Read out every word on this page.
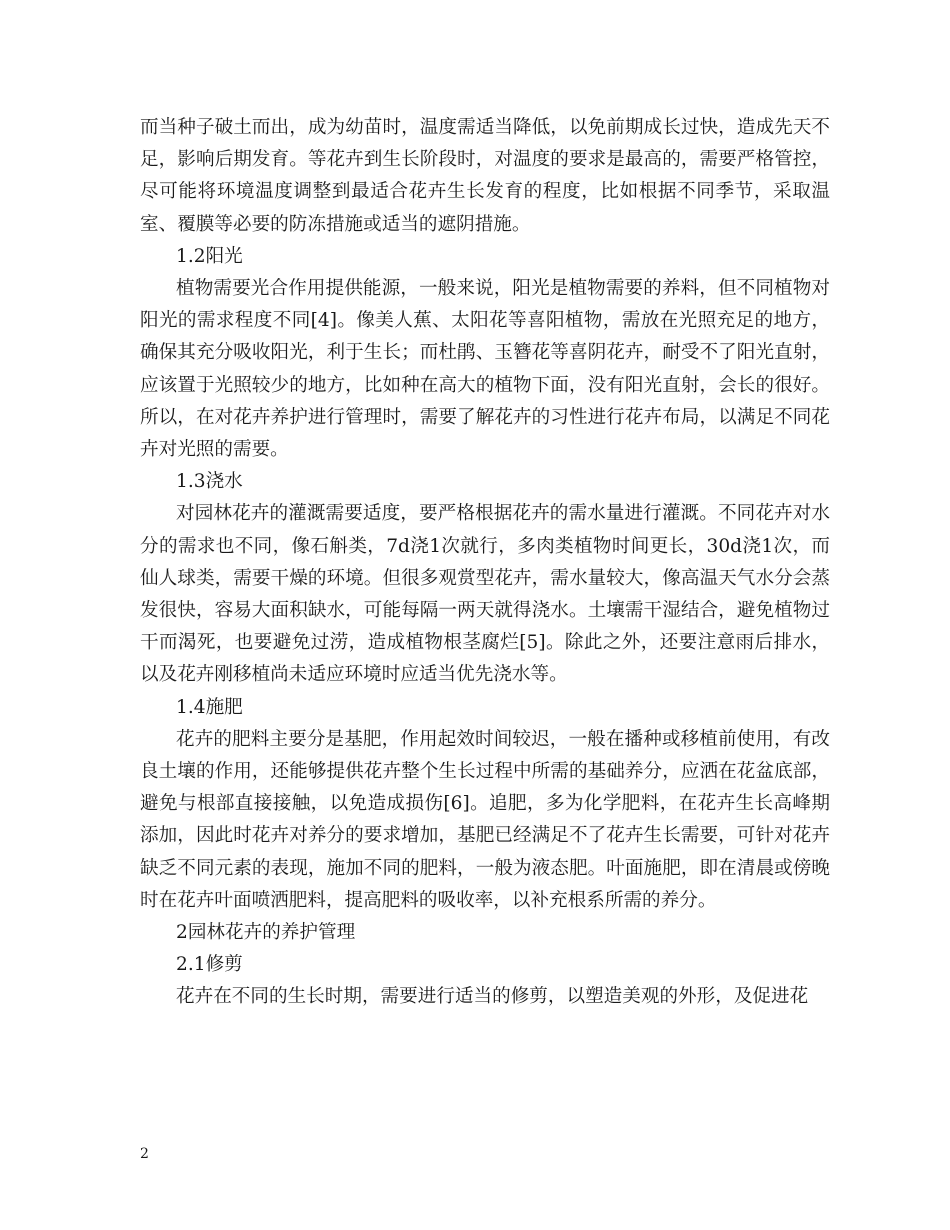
而当种子破土而出，成为幼苗时，温度需适当降低，以免前期成长过快，造成先天不足，影响后期发育。等花卉到生长阶段时，对温度的要求是最高的，需要严格管控，尽可能将环境温度调整到最适合花卉生长发育的程度，比如根据不同季节，采取温室、覆膜等必要的防冻措施或适当的遮阴措施。

1.2阳光

植物需要光合作用提供能源，一般来说，阳光是植物需要的养料，但不同植物对阳光的需求程度不同[4]。像美人蕉、太阳花等喜阳植物，需放在光照充足的地方，确保其充分吸收阳光，利于生长；而杜鹃、玉簪花等喜阴花卉，耐受不了阳光直射，应该置于光照较少的地方，比如种在高大的植物下面，没有阳光直射，会长的很好。所以，在对花卉养护进行管理时，需要了解花卉的习性进行花卉布局，以满足不同花卉对光照的需要。

1.3浇水

对园林花卉的灌溉需要适度，要严格根据花卉的需水量进行灌溉。不同花卉对水分的需求也不同，像石斛类，7d浇1次就行，多肉类植物时间更长，30d浇1次，而仙人球类，需要干燥的环境。但很多观赏型花卉，需水量较大，像高温天气水分会蒸发很快，容易大面积缺水，可能每隔一两天就得浇水。土壤需干湿结合，避免植物过干而渴死，也要避免过涝，造成植物根茎腐烂[5]。除此之外，还要注意雨后排水，以及花卉刚移植尚未适应环境时应适当优先浇水等。

1.4施肥

花卉的肥料主要分是基肥，作用起效时间较迟，一般在播种或移植前使用，有改良土壤的作用，还能够提供花卉整个生长过程中所需的基础养分，应洒在花盆底部，避免与根部直接接触，以免造成损伤[6]。追肥，多为化学肥料，在花卉生长高峰期添加，因此时花卉对养分的要求增加，基肥已经满足不了花卉生长需要，可针对花卉缺乏不同元素的表现，施加不同的肥料，一般为液态肥。叶面施肥，即在清晨或傍晚时在花卉叶面喷洒肥料，提高肥料的吸收率，以补充根系所需的养分。

2园林花卉的养护管理

2.1修剪

花卉在不同的生长时期，需要进行适当的修剪，以塑造美观的外形，及促进花

2
